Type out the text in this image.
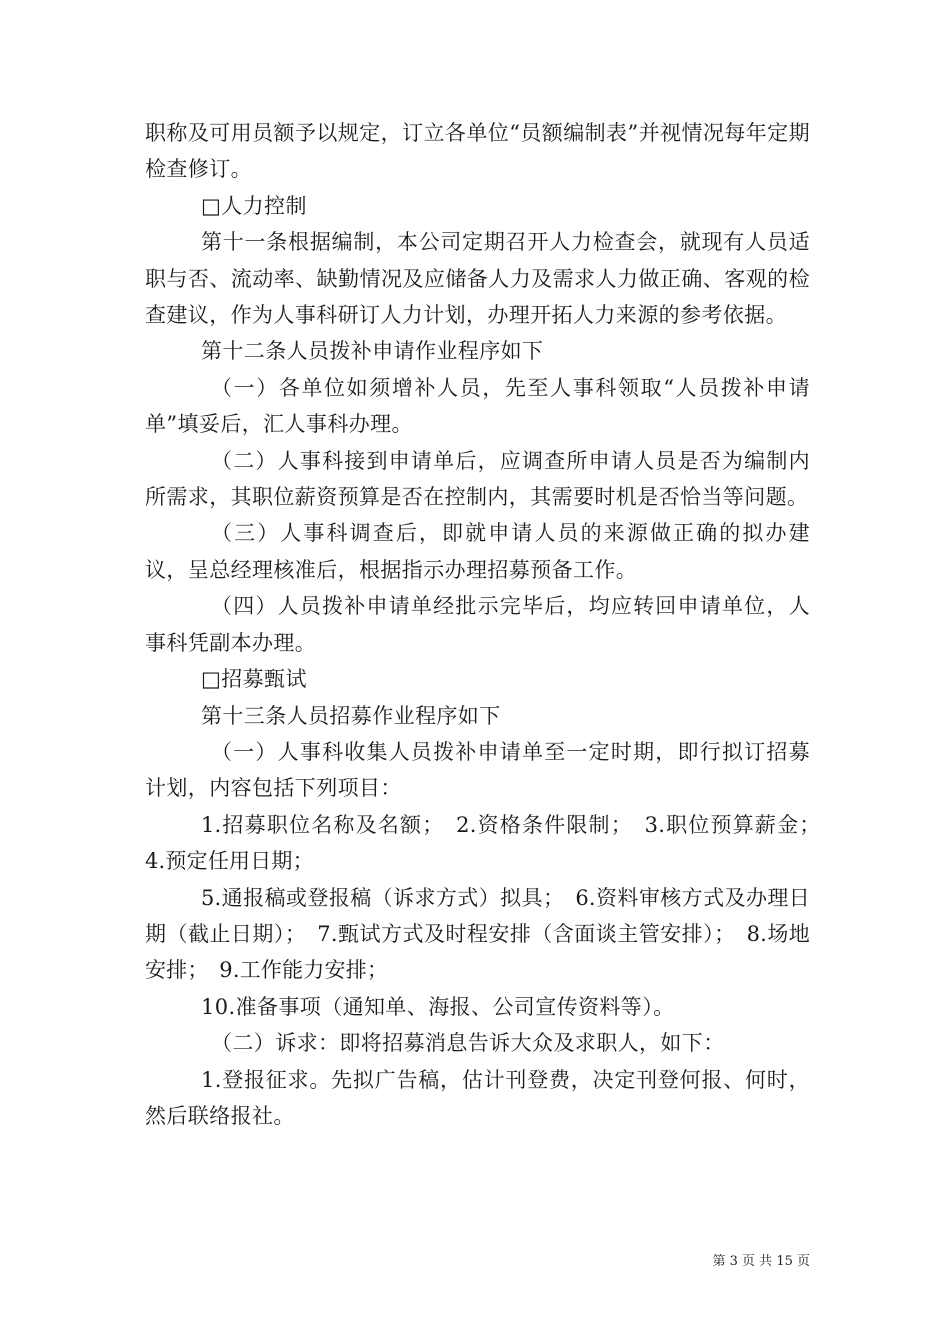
职称及可用员额予以规定，订立各单位“员额编制表”并视情况每年定期检查修订。

□人力控制

第十一条根据编制，本公司定期召开人力检查会，就现有人员适职与否、流动率、缺勤情况及应储备人力及需求人力做正确、客观的检查建议，作为人事科研订人力计划，办理开拓人力来源的参考依据。

第十二条人员拨补申请作业程序如下

（一）各单位如须增补人员，先至人事科领取“人员拨补申请单”填妥后，汇人事科办理。

（二）人事科接到申请单后，应调查所申请人员是否为编制内所需求，其职位薪资预算是否在控制内，其需要时机是否恰当等问题。

（三）人事科调查后，即就申请人员的来源做正确的拟办建议，呈总经理核准后，根据指示办理招募预备工作。

（四）人员拨补申请单经批示完毕后，均应转回申请单位，人事科凭副本办理。

□招募甄试

第十三条人员招募作业程序如下

（一）人事科收集人员拨补申请单至一定时期，即行拟订招募计划，内容包括下列项目：

1.招募职位名称及名额；　2.资格条件限制；　3.职位预算薪金；　4.预定任用日期；

5.通报稿或登报稿（诉求方式）拟具；　6.资料审核方式及办理日期（截止日期）；　7.甄试方式及时程安排（含面谈主管安排）；　8.场地安排；　9.工作能力安排；

10.准备事项（通知单、海报、公司宣传资料等）。

（二）诉求：即将招募消息告诉大众及求职人，如下：

1.登报征求。先拟广告稿，估计刊登费，决定刊登何报、何时，然后联络报社。

第 3 页 共 15 页
